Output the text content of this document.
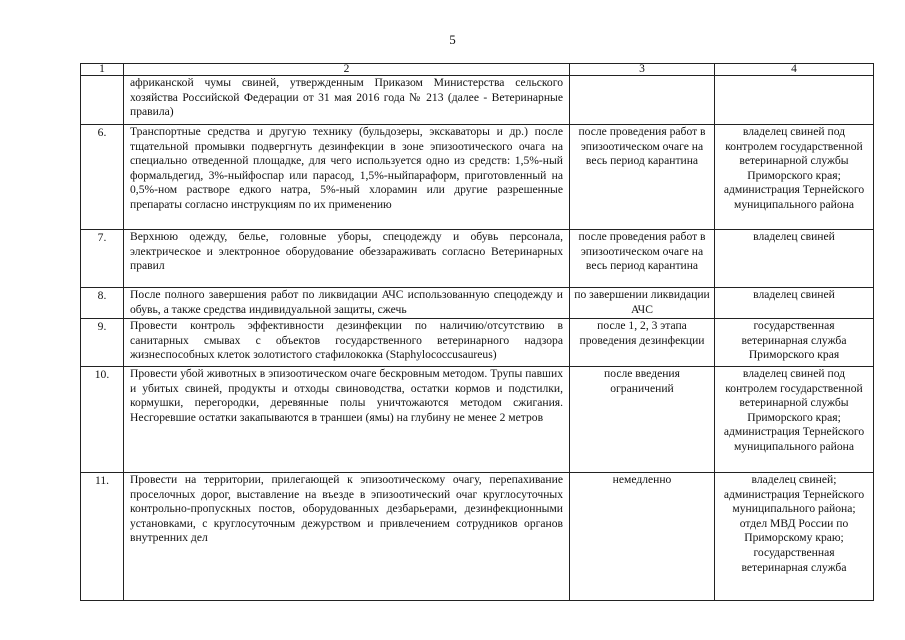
5
1	2	3	4
	африканской чумы свиней, утвержденным Приказом Министерства сельского хозяйства Российской Федерации от 31 мая 2016 года № 213 (далее - Ветеринарные правила)		
6.	Транспортные средства и другую технику (бульдозеры, экскаваторы и др.) после тщательной промывки подвергнуть дезинфекции в зоне эпизоотического очага на специально отведенной площадке, для чего используется одно из средств: 1,5%-ный формальдегид, 3%-ныйфоспар или парасод, 1,5%-ныйпараформ, приготовленный на 0,5%-ном растворе едкого натра, 5%-ный хлорамин или другие разрешенные препараты согласно инструкциям по их применению	после проведения работ в эпизоотическом очаге на весь период карантина	владелец свиней под контролем государственной ветеринарной службы Приморского края; администрация Тернейского муниципального района
7.	Верхнюю одежду, белье, головные уборы, спецодежду и обувь персонала, электрическое и электронное оборудование обеззараживать согласно Ветеринарных правил	после проведения работ в эпизоотическом очаге на весь период карантина	владелец свиней
8.	После полного завершения работ по ликвидации АЧС использованную спецодежду и обувь, а также средства индивидуальной защиты, сжечь	по завершении ликвидации АЧС	владелец свиней
9.	Провести контроль эффективности дезинфекции по наличию/отсутствию в санитарных смывах с объектов государственного ветеринарного надзора жизнеспособных клеток золотистого стафилококка (Staphylococcusaureus)	после 1, 2, 3 этапа проведения дезинфекции	государственная ветеринарная служба Приморского края
10.	Провести убой животных в эпизоотическом очаге бескровным методом. Трупы павших и убитых свиней, продукты и отходы свиноводства, остатки кормов и подстилки, кормушки, перегородки, деревянные полы уничтожаются методом сжигания. Несгоревшие остатки закапываются в траншеи (ямы) на глубину не менее 2 метров	после введения ограничений	владелец свиней под контролем государственной ветеринарной службы Приморского края; администрация Тернейского муниципального района
11.	Провести на территории, прилегающей к эпизоотическому очагу, перепахивание проселочных дорог, выставление на въезде в эпизоотический очаг круглосуточных контрольно-пропускных постов, оборудованных дезбарьерами, дезинфекционными установками, с круглосуточным дежурством и привлечением сотрудников органов внутренних дел	немедленно	владелец свиней; администрация Тернейского муниципального района; отдел МВД России по Приморскому краю; государственная ветеринарная служба
